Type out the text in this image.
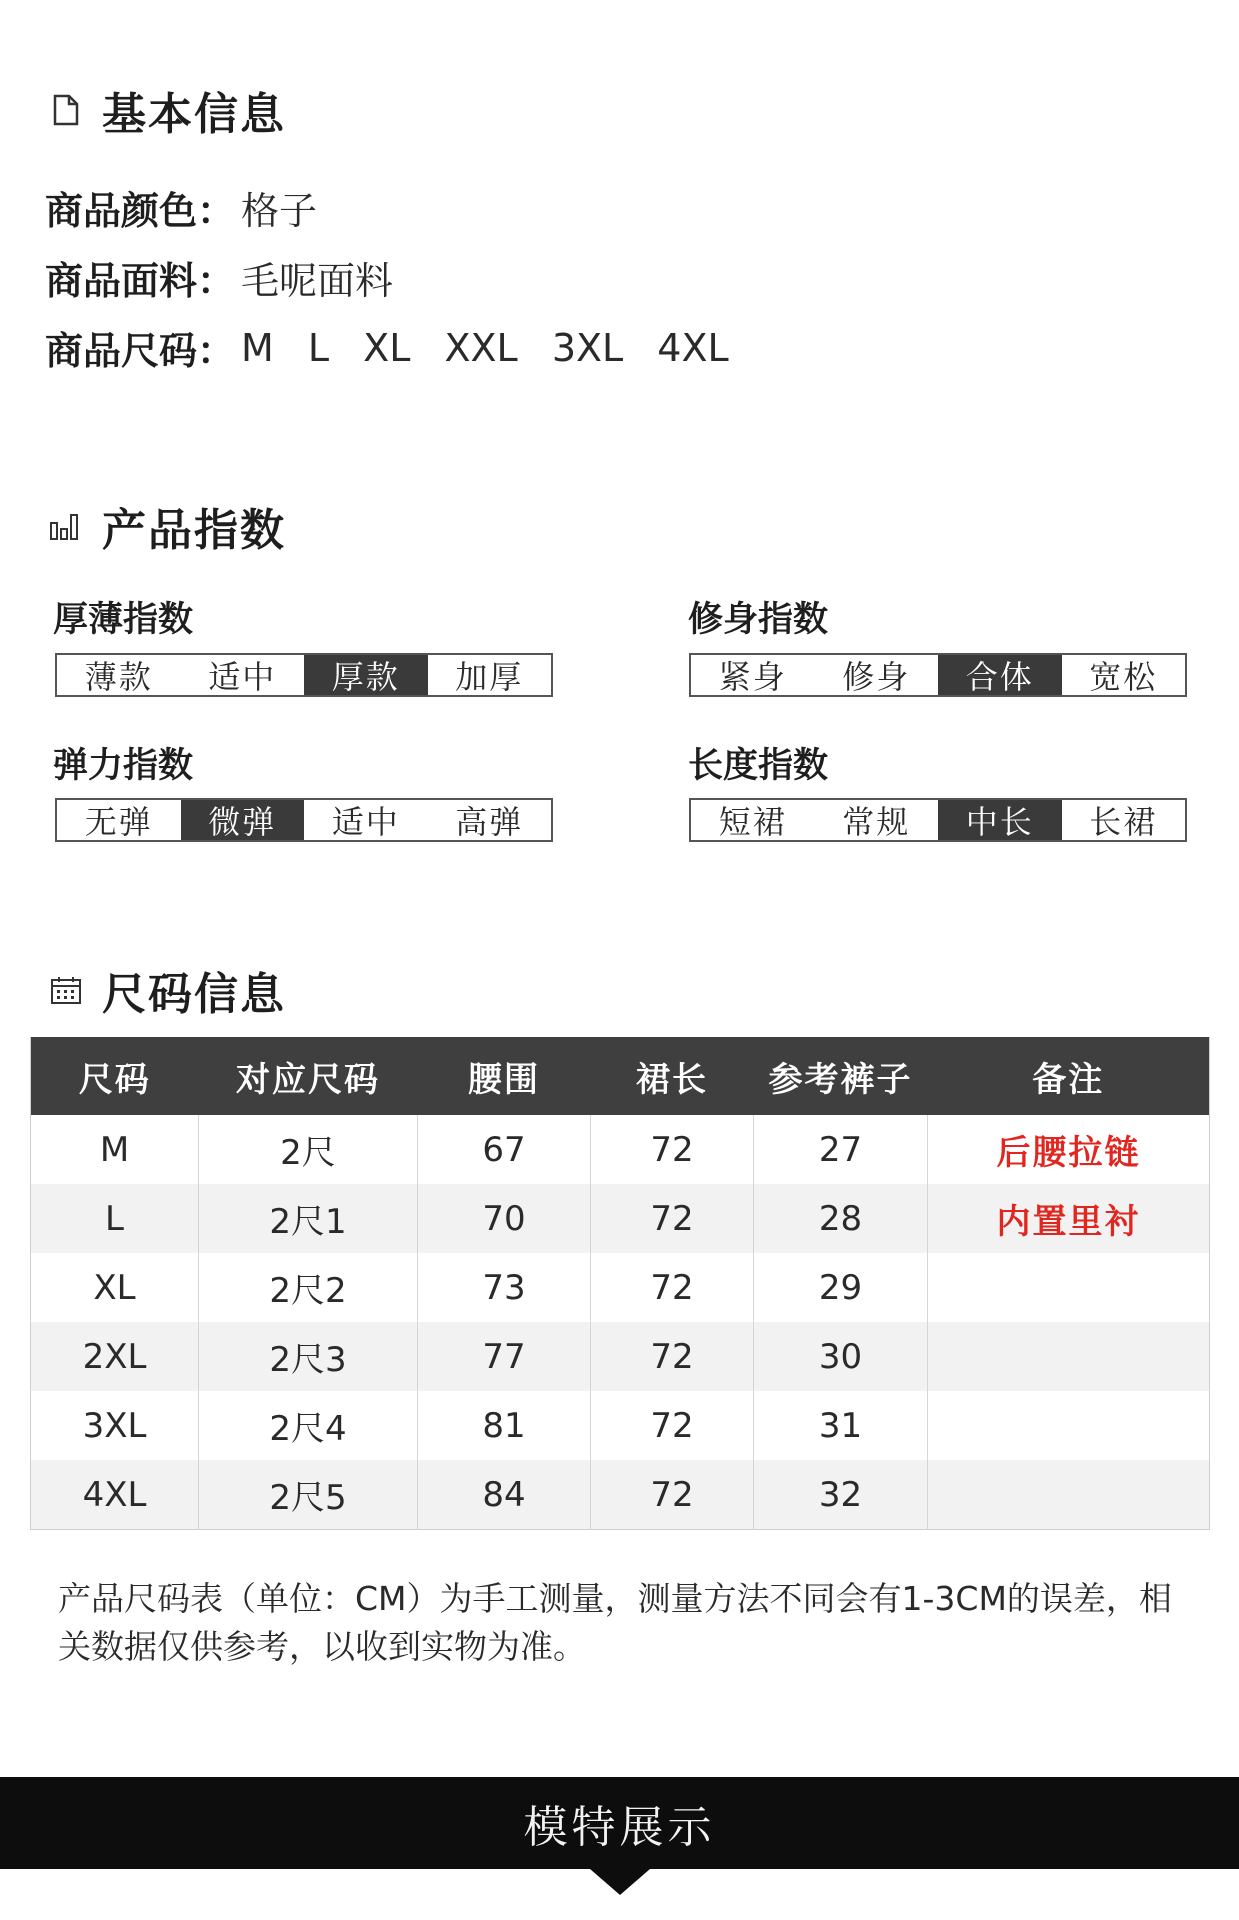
基本信息
商品颜色： 格子
商品面料： 毛呢面料
商品尺码： M L XL XXL 3XL 4XL
产品指数
厚薄指数
薄款	适中	厚款	加厚
修身指数
紧身	修身	合体	宽松
弹力指数
无弹	微弹	适中	高弹
长度指数
短裙	常规	中长	长裙
尺码信息
尺码	对应尺码	腰围	裙长	参考裤子	备注
M	2尺	67	72	27	后腰拉链
L	2尺1	70	72	28	内置里衬
XL	2尺2	73	72	29	
2XL	2尺3	77	72	30	
3XL	2尺4	81	72	31	
4XL	2尺5	84	72	32	
产品尺码表（单位：CM）为手工测量，测量方法不同会有1-3CM的误差，相关数据仅供参考，以收到实物为准。
模特展示
